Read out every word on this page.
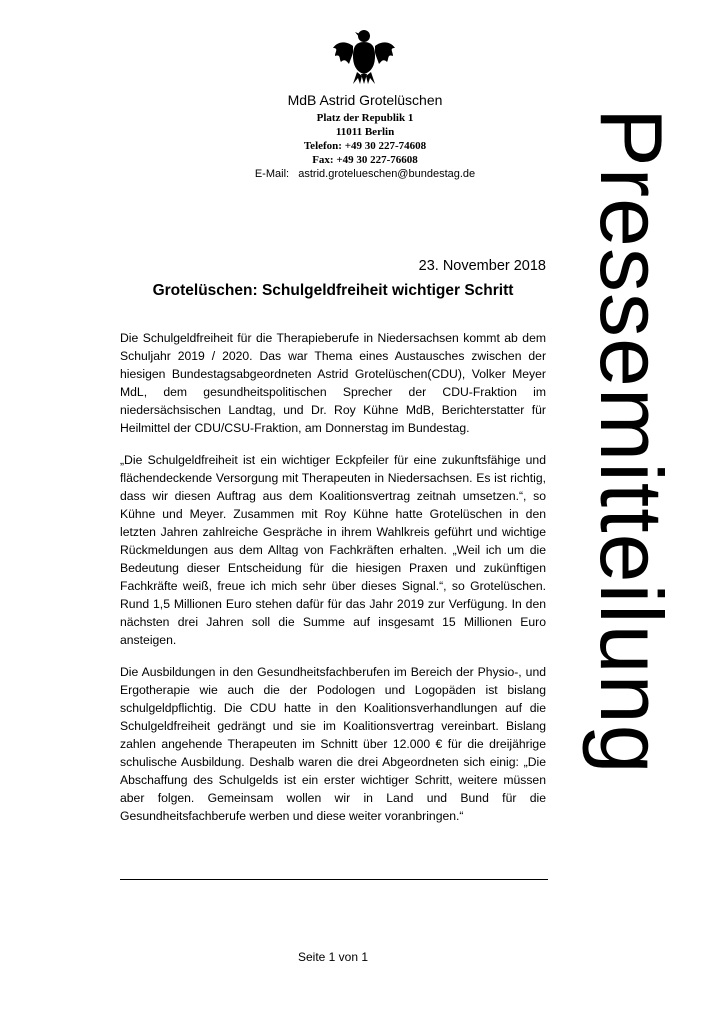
MdB Astrid Grotelüschen
Platz der Republik 1
11011 Berlin
Telefon: +49 30 227-74608
Fax: +49 30 227-76608
E-Mail: astrid.grotelueschen@bundestag.de	Pressemitteilung
23. November 2018
Grotelüschen: Schulgeldfreiheit wichtiger Schritt

Die Schulgeldfreiheit für die Therapieberufe in Niedersachsen kommt ab dem Schuljahr 2019 / 2020. Das war Thema eines Austausches zwischen der hiesigen Bundestagsabgeordneten Astrid Grotelüschen(CDU), Volker Meyer MdL, dem gesundheitspolitischen Sprecher der CDU-Fraktion im niedersächsischen Landtag, und Dr. Roy Kühne MdB, Berichterstatter für Heilmittel der CDU/CSU-Fraktion, am Donnerstag im Bundestag.

„Die Schulgeldfreiheit ist ein wichtiger Eckpfeiler für eine zukunftsfähige und flächendeckende Versorgung mit Therapeuten in Niedersachsen. Es ist richtig, dass wir diesen Auftrag aus dem Koalitionsvertrag zeitnah umsetzen.“, so Kühne und Meyer. Zusammen mit Roy Kühne hatte Grotelüschen in den letzten Jahren zahlreiche Gespräche in ihrem Wahlkreis geführt und wichtige Rückmeldungen aus dem Alltag von Fachkräften erhalten. „Weil ich um die Bedeutung dieser Entscheidung für die hiesigen Praxen und zukünftigen Fachkräfte weiß, freue ich mich sehr über dieses Signal.“, so Grotelüschen. Rund 1,5 Millionen Euro stehen dafür für das Jahr 2019 zur Verfügung. In den nächsten drei Jahren soll die Summe auf insgesamt 15 Millionen Euro ansteigen.

Die Ausbildungen in den Gesundheitsfachberufen im Bereich der Physio-, und Ergotherapie wie auch die der Podologen und Logopäden ist bislang schulgeldpflichtig. Die CDU hatte in den Koalitionsverhandlungen auf die Schulgeldfreiheit gedrängt und sie im Koalitionsvertrag vereinbart. Bislang zahlen angehende Therapeuten im Schnitt über 12.000 € für die dreijährige schulische Ausbildung. Deshalb waren die drei Abgeordneten sich einig: „Die Abschaffung des Schulgelds ist ein erster wichtiger Schritt, weitere müssen aber folgen. Gemeinsam wollen wir in Land und Bund für die Gesundheitsfachberufe werben und diese weiter voranbringen.“

Seite 1 von 1
